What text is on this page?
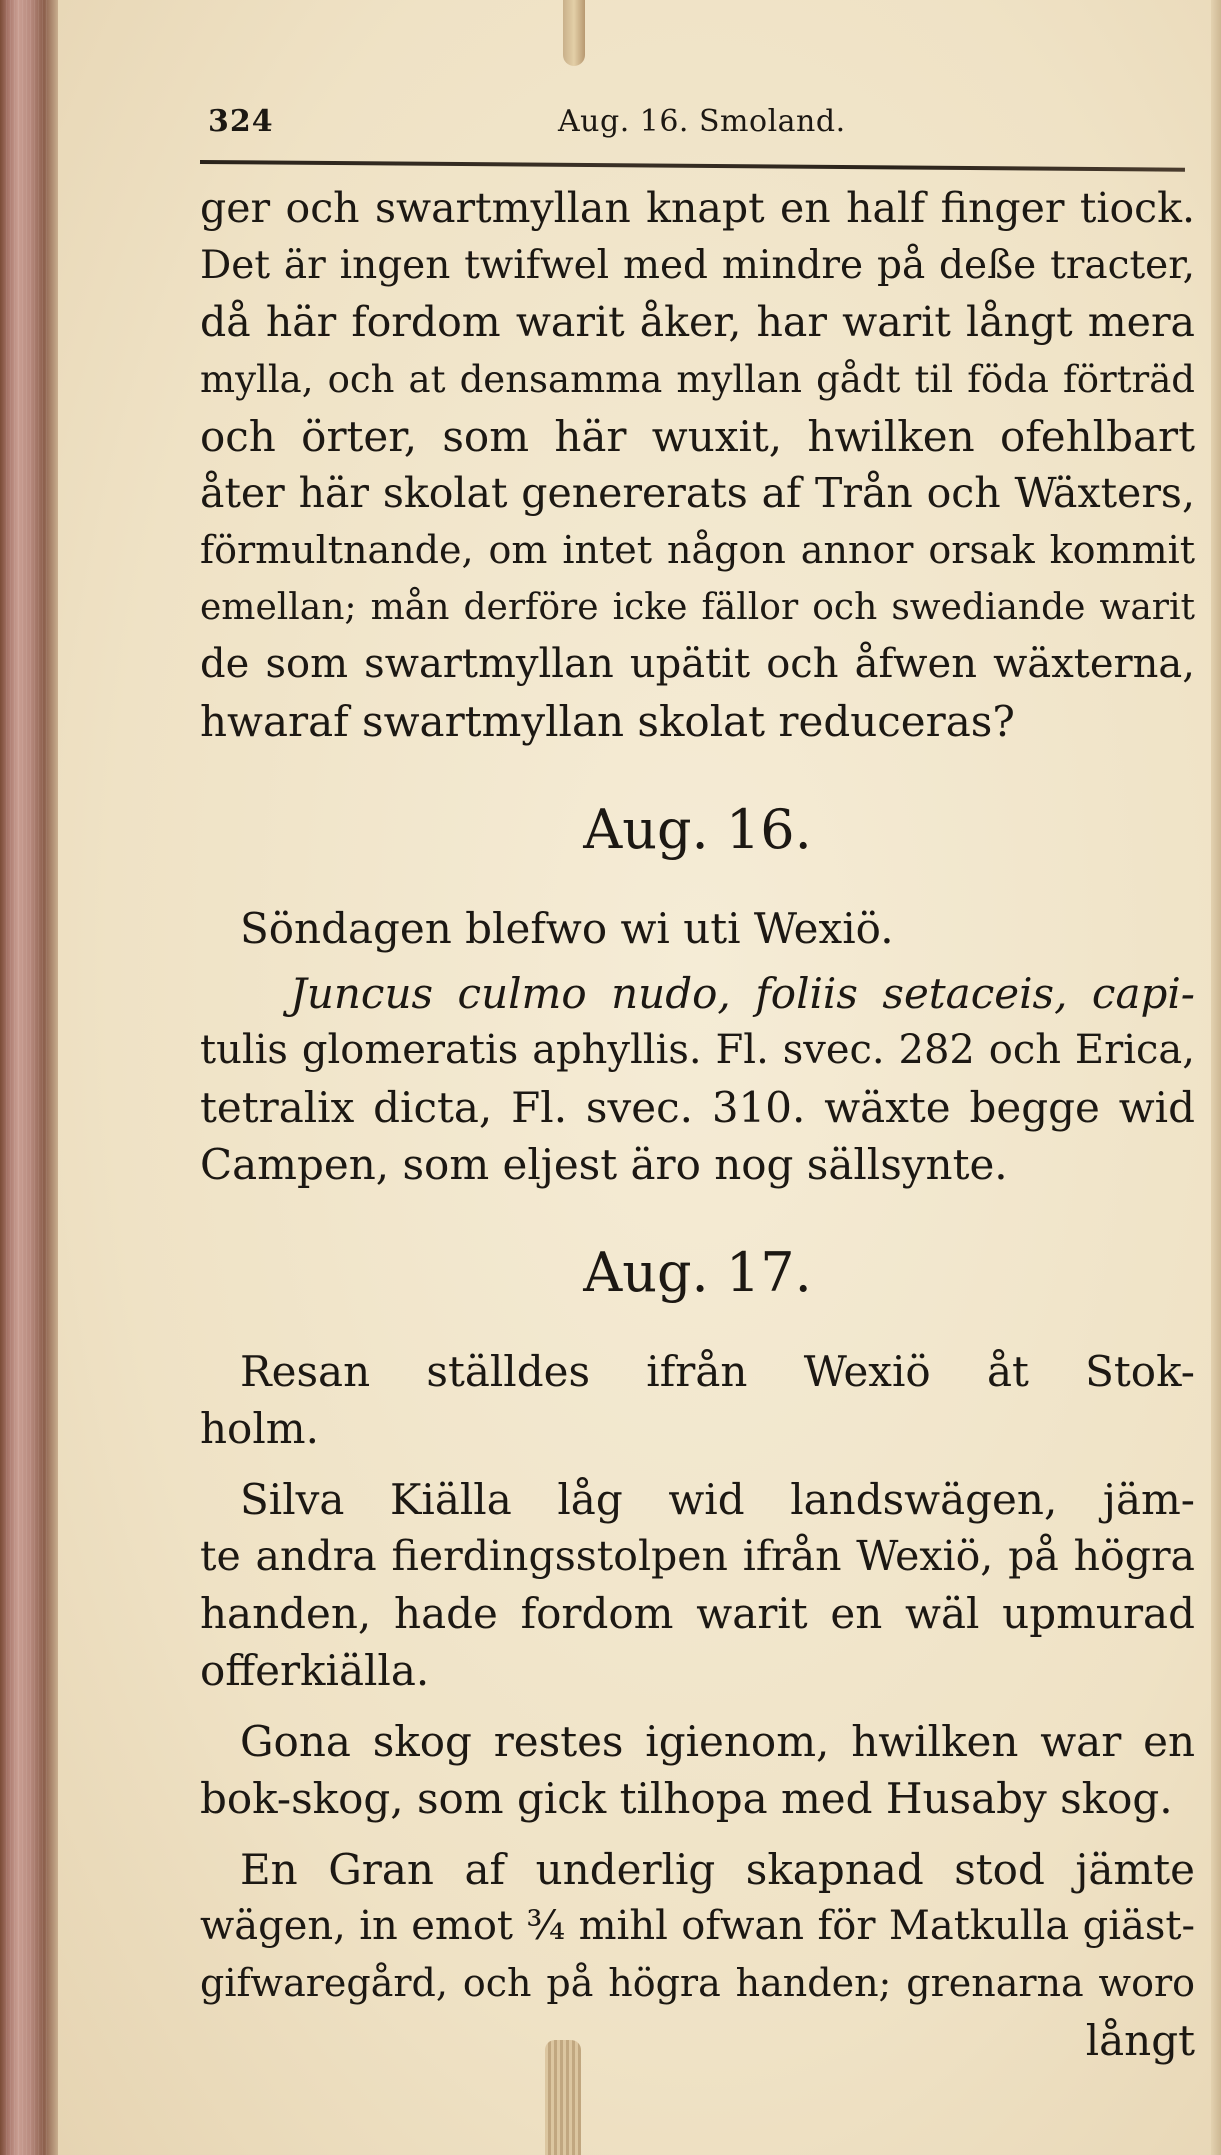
324	Aug. 16. Smoland.
ger och swartmyllan knapt en half finger tiock.
Det är ingen twifwel med mindre på deße tracter,
då här fordom warit åker, har warit långt mera
mylla, och at densamma myllan gådt til föda förträd
och örter, som här wuxit, hwilken ofehlbart
åter här skolat genererats af Trån och Wäxters,
förmultnande, om intet någon annor orsak kommit
emellan; mån derföre icke fällor och swediande warit
de som swartmyllan upätit och åfwen wäxterna,
hwaraf swartmyllan skolat reduceras?
Aug. 16.
Söndagen blefwo wi uti Wexiö.
Juncus culmo nudo, foliis setaceis, capi-
tulis glomeratis aphyllis. Fl. svec. 282 och Erica,
tetralix dicta, Fl. svec. 310. wäxte begge wid
Campen, som eljest äro nog sällsynte.
Aug. 17.
Resan ställdes ifrån Wexiö åt Stok-
holm.
Silva Kiälla låg wid landswägen, jäm-
te andra fierdingsstolpen ifrån Wexiö, på högra
handen, hade fordom warit en wäl upmurad
offerkiälla.
Gona skog restes igienom, hwilken war en
bok-skog, som gick tilhopa med Husaby skog.
En Gran af underlig skapnad stod jämte
wägen, in emot ¾ mihl ofwan för Matkulla giäst-
gifwaregård, och på högra handen; grenarna woro
långt
